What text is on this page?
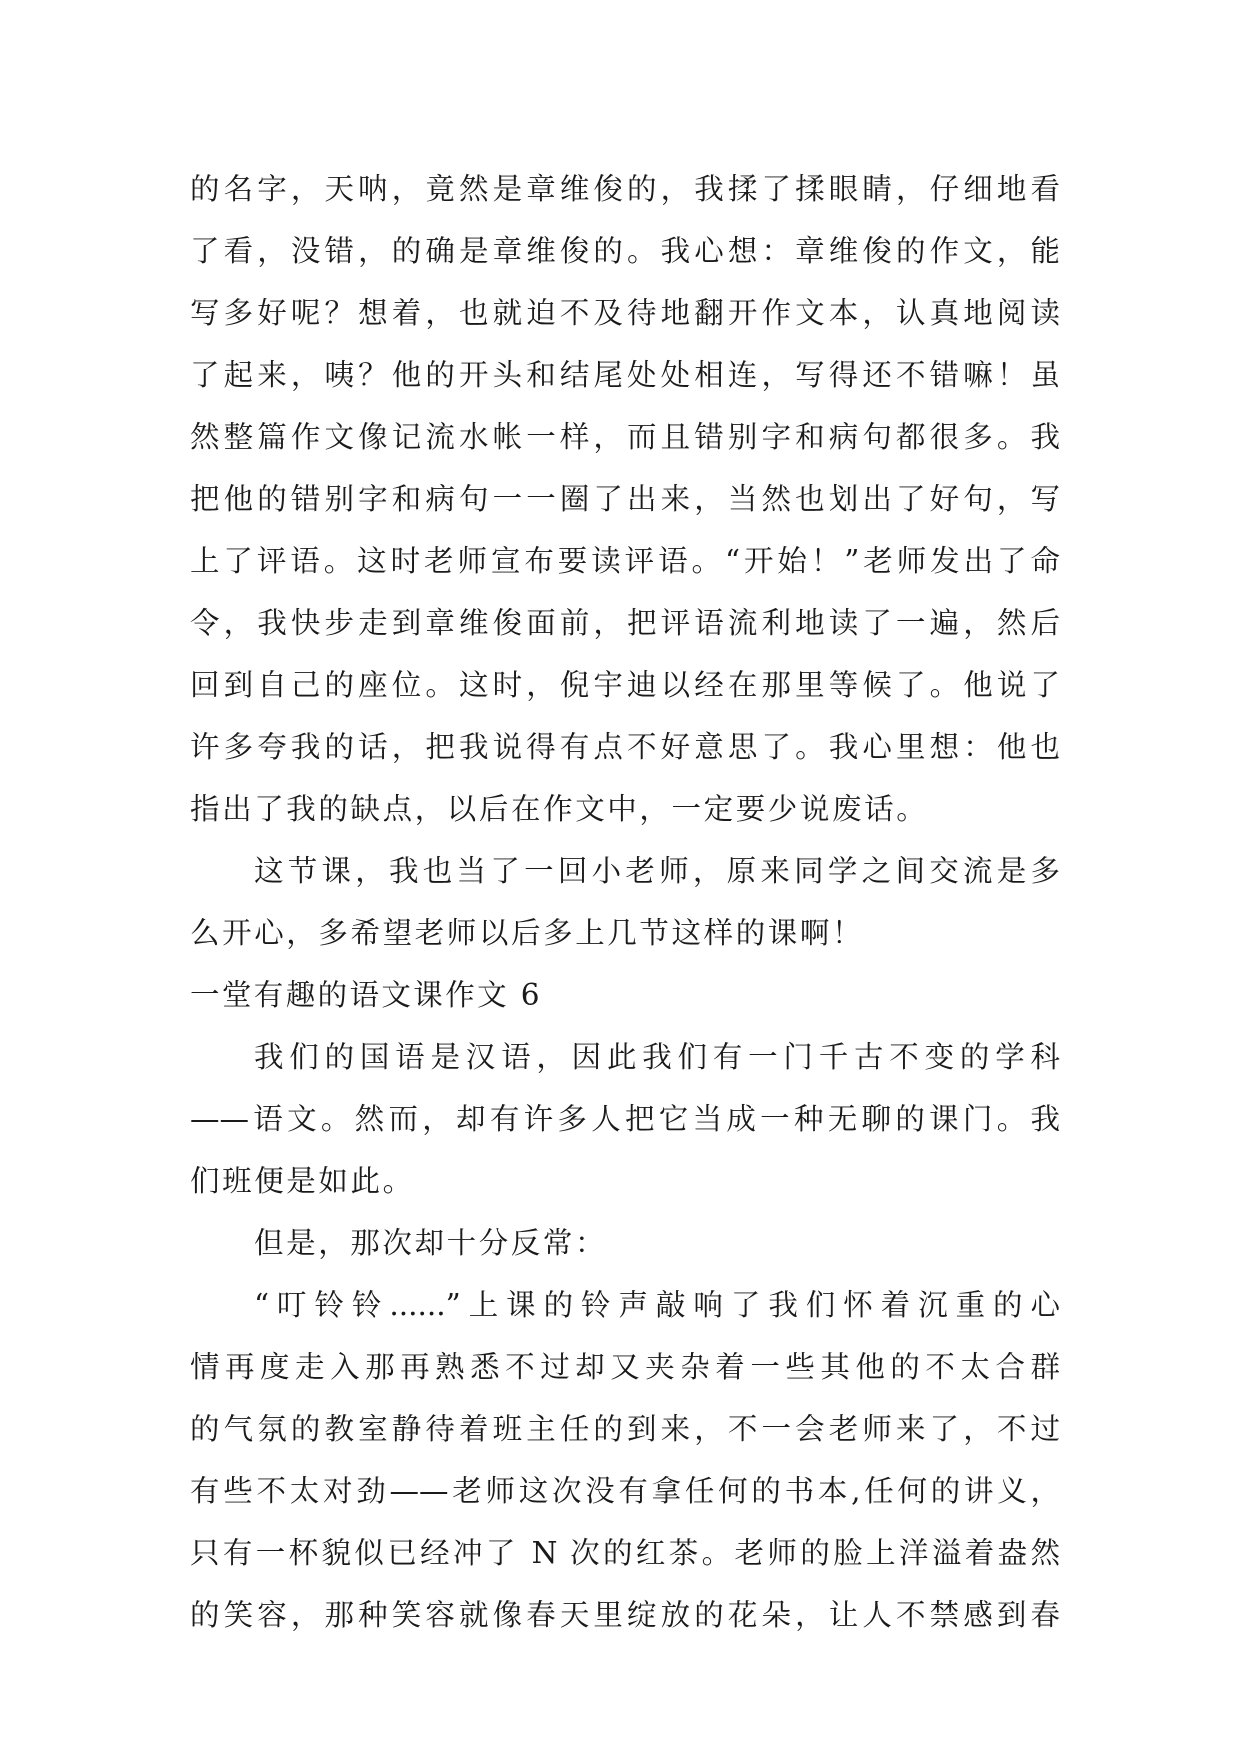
的名字，天呐，竟然是章维俊的，我揉了揉眼睛，仔细地看
了看，没错，的确是章维俊的。我心想：章维俊的作文，能
写多好呢？想着，也就迫不及待地翻开作文本，认真地阅读
了起来，咦？他的开头和结尾处处相连，写得还不错嘛！虽
然整篇作文像记流水帐一样，而且错别字和病句都很多。我
把他的错别字和病句一一圈了出来，当然也划出了好句，写
上了评语。这时老师宣布要读评语。“开始！”老师发出了命
令，我快步走到章维俊面前，把评语流利地读了一遍，然后
回到自己的座位。这时，倪宇迪以经在那里等候了。他说了
许多夸我的话，把我说得有点不好意思了。我心里想：他也
指出了我的缺点，以后在作文中，一定要少说废话。
这节课，我也当了一回小老师，原来同学之间交流是多
么开心，多希望老师以后多上几节这样的课啊！
一堂有趣的语文课作文 6
我们的国语是汉语，因此我们有一门千古不变的学科
——语文。然而，却有许多人把它当成一种无聊的课门。我
们班便是如此。
但是，那次却十分反常：
“叮铃铃......”上课的铃声敲响了我们怀着沉重的心
情再度走入那再熟悉不过却又夹杂着一些其他的不太合群
的气氛的教室静待着班主任的到来，不一会老师来了，不过
有些不太对劲——老师这次没有拿任何的书本,任何的讲义，
只有一杯貌似已经冲了 N 次的红茶。老师的脸上洋溢着盎然
的笑容，那种笑容就像春天里绽放的花朵，让人不禁感到春
